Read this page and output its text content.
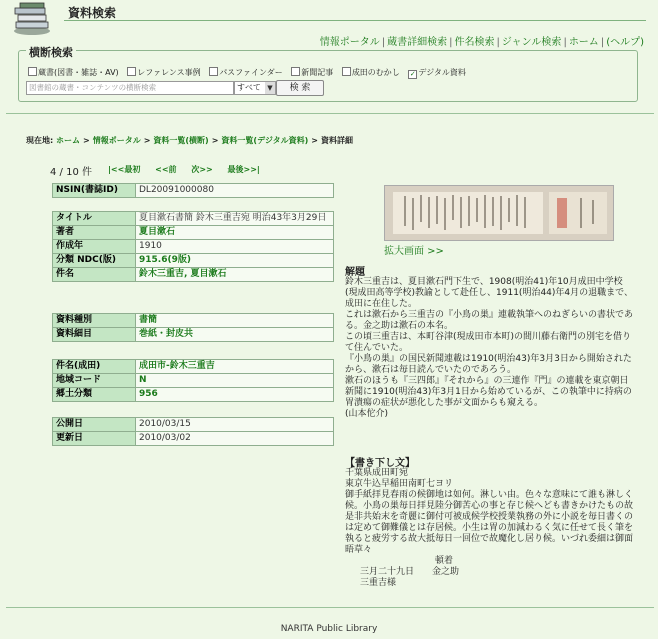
資料検索
情報ポータル | 蔵書詳細検索 | 件名検索 | ジャンル検索 | ホーム | (ヘルプ)
横断検索
蔵書(図書・雑誌・AV) レファレンス事例 パスファインダー 新聞記事 成田のむかし ✓ デジタル資料
図書館の蔵書・コンテンツの横断検索	すべて ▼	検 索
現在地: ホーム > 情報ポータル > 資料一覧(横断) > 資料一覧(デジタル資料) > 資料詳細
4 / 10 件 |<<最初 <<前 次>> 最後>>|
NSIN(書誌ID)	DL20091000080
タイトル	夏目漱石書簡 鈴木三重吉宛 明治43年3月29日
著者	夏目漱石
作成年	1910
分類 NDC(版)	915.6(9版)
件名	鈴木三重吉, 夏目漱石
資料種別	書簡
資料細目	巻紙・封皮共
件名(成田)	成田市-鈴木三重吉
地域コード	N
郷土分類	956
公開日	2010/03/15
更新日	2010/03/02
拡大画面 >>
解題
鈴木三重吉は、夏目漱石門下生で、1908(明治41)年10月成田中学校(現成田高等学校)教諭として赴任し、1911(明治44)年4月の退職まで、成田に在住した。
これは漱石から三重吉の『小鳥の巣』連載執筆へのねぎらいの書状である。金之助は漱石の本名。
この頃三重吉は、本町谷津(現成田市本町)の間川藤右衛門の別宅を借りて住んでいた。
『小鳥の巣』の国民新聞連載は1910(明治43)年3月3日から開始されたから、漱石は毎日読んでいたのであろう。
漱石のほうも『三四郎』『それから』の三連作『門』の連載を東京朝日新聞に1910(明治43)年3月1日から始めているが、この執筆中に持病の胃潰瘍の症状が悪化した事が文面からも窺える。
(山本佗介)
【書き下し文】
千葉県成田町宛
東京牛込早稲田南町七ヨリ
御手紙拝見春雨の候御地は如何。淋しい由。色々な意味にて誰も淋しく候。小鳥の巣毎日拝見陸分御苦心の事と存じ候へども書きかけたもの故是非共始末を奇麗に御付可被成候学校授業執務の外に小説を毎日書くのは定めて御難儀とは存居候。小生は胃の加減わるく気に任せて長く筆を執ると疲労する故大抵毎日一回位で故魔化し居り候。いづれ委細は御面晤草々
頓着
三月二十九日　　金之助
三重吉様
NARITA Public Library
